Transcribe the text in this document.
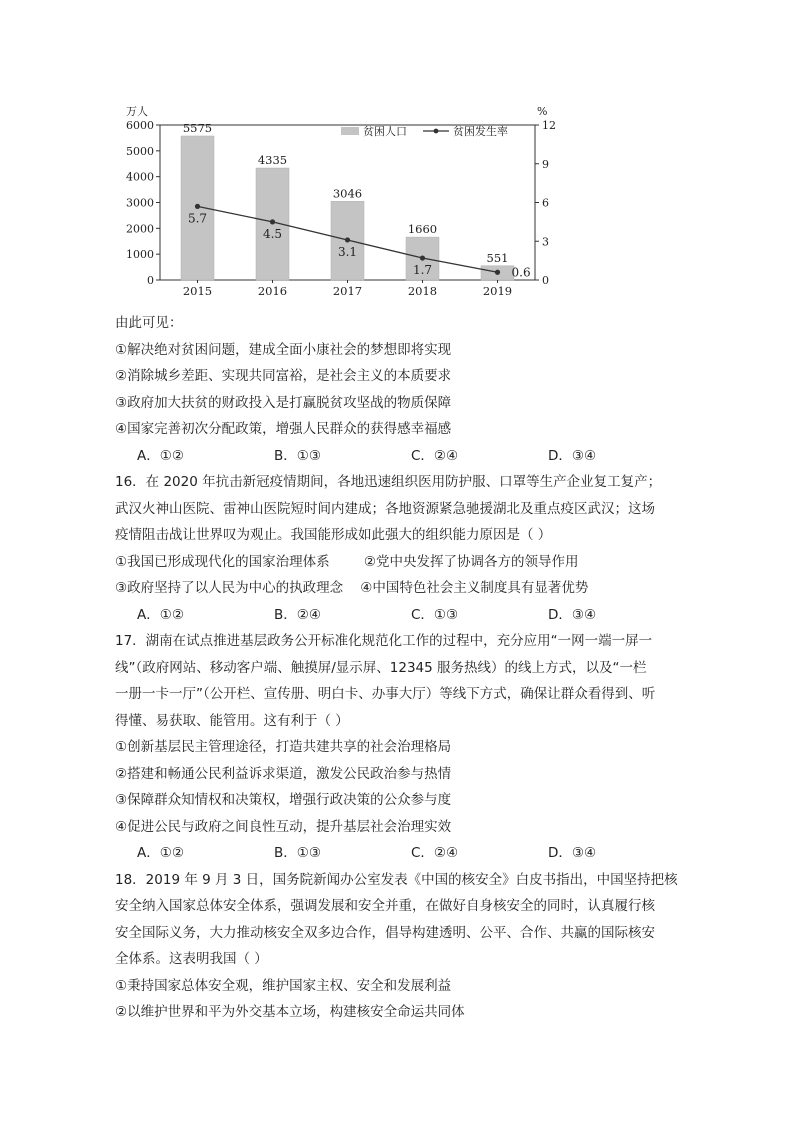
0
1000
2000
3000
4000
5000
6000
0
3
6
9
12
万人	%
5575
4335
3046
1660
551
2015	2016	2017	2018	2019
5.7
4.5
3.1
1.7	0.6
贫困人口	贫困发生率
由此可见：
①解决绝对贫困问题，建成全面小康社会的梦想即将实现
②消除城乡差距、实现共同富裕，是社会主义的本质要求
③政府加大扶贫的财政投入是打赢脱贫攻坚战的物质保障
④国家完善初次分配政策，增强人民群众的获得感幸福感
A．①②	B．①③	C．②④	D．③④
16．在 2020 年抗击新冠疫情期间，各地迅速组织医用防护服、口罩等生产企业复工复产；
武汉火神山医院、雷神山医院短时间内建成；各地资源紧急驰援湖北及重点疫区武汉；这场
疫情阻击战让世界叹为观止。我国能形成如此强大的组织能力原因是（ ）
①我国已形成现代化的国家治理体系        ②党中央发挥了协调各方的领导作用
③政府坚持了以人民为中心的执政理念    ④中国特色社会主义制度具有显著优势
A．①②	B．②④	C．①③	D．③④
17．湖南在试点推进基层政务公开标准化规范化工作的过程中，充分应用“一网一端一屏一
线”（政府网站、移动客户端、触摸屏/显示屏、12345 服务热线）的线上方式，以及“一栏
一册一卡一厅”（公开栏、宣传册、明白卡、办事大厅）等线下方式，确保让群众看得到、听
得懂、易获取、能管用。这有利于（ ）
①创新基层民主管理途径，打造共建共享的社会治理格局
②搭建和畅通公民利益诉求渠道，激发公民政治参与热情
③保障群众知情权和决策权，增强行政决策的公众参与度
④促进公民与政府之间良性互动，提升基层社会治理实效
A．①②	B．①③	C．②④	D．③④
18．2019 年 9 月 3 日，国务院新闻办公室发表《中国的核安全》白皮书指出，中国坚持把核
安全纳入国家总体安全体系，强调发展和安全并重，在做好自身核安全的同时，认真履行核
安全国际义务，大力推动核安全双多边合作，倡导构建透明、公平、合作、共赢的国际核安
全体系。这表明我国（ ）
①秉持国家总体安全观，维护国家主权、安全和发展利益
②以维护世界和平为外交基本立场，构建核安全命运共同体
